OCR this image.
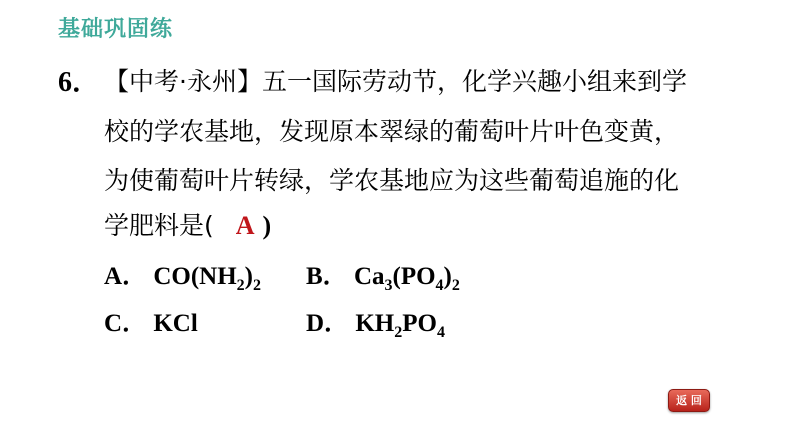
基础巩固练
6． 【中考·永州】五一国际劳动节，化学兴趣小组来到学
校的学农基地，发现原本翠绿的葡萄叶片叶色变黄，
为使葡萄叶片转绿，学农基地应为这些葡萄追施的化
学肥料是( A )
A． $CO(NH_2)_2$ B． $Ca_3(PO_4)_2$
C． KCl	D． $KH_2PO_4$
返 回
